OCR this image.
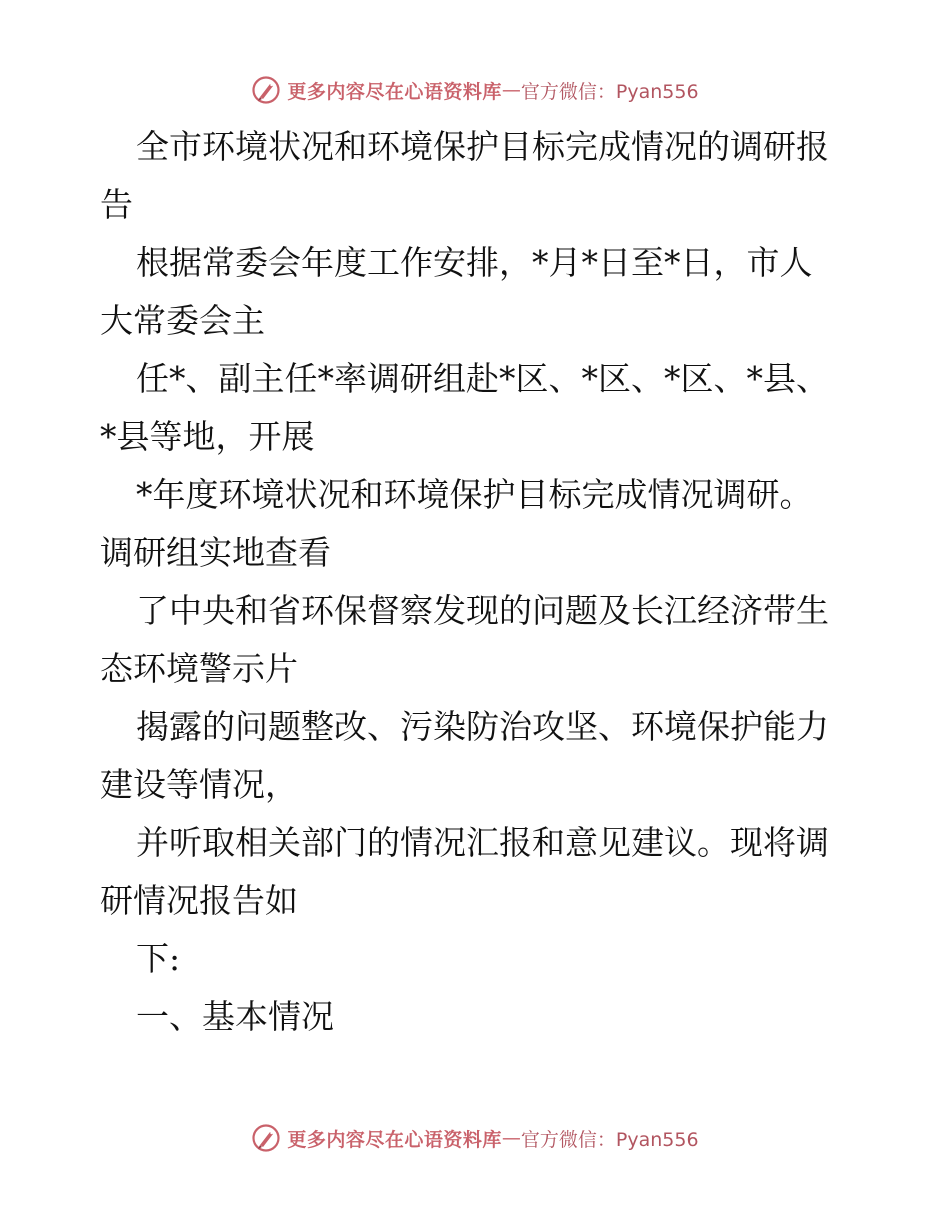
更多内容尽在心语资料库 — 官方微信：Pyan556

全市环境状况和环境保护目标完成情况的调研报

告

根据常委会年度工作安排，*月*日至*日，市人

大常委会主

任*、副主任*率调研组赴*区、*区、*区、*县、

*县等地，开展

*年度环境状况和环境保护目标完成情况调研。

调研组实地查看

了中央和省环保督察发现的问题及长江经济带生

态环境警示片

揭露的问题整改、污染防治攻坚、环境保护能力

建设等情况，

并听取相关部门的情况汇报和意见建议。现将调

研情况报告如

下:

一、基本情况

更多内容尽在心语资料库 — 官方微信：Pyan556
